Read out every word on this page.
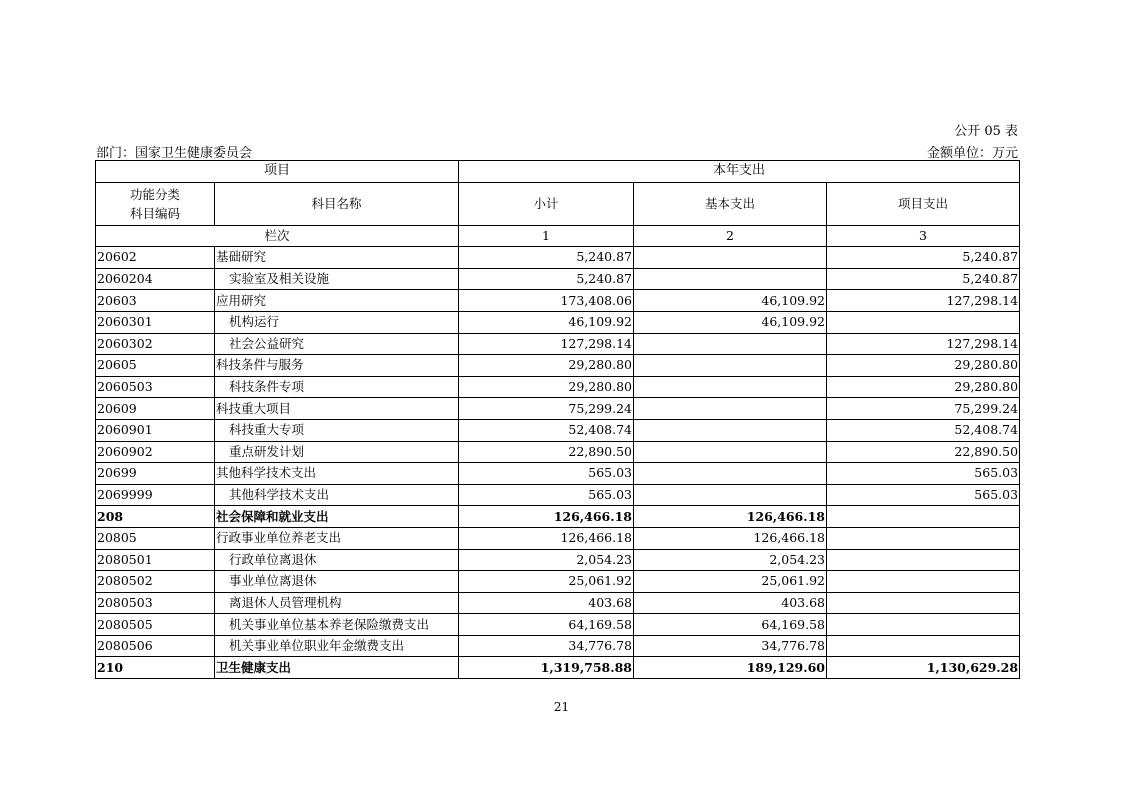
公开 05 表
部门：国家卫生健康委员会	金额单位：万元
项目		本年支出		

功能分类
科目编码	科目名称	小计	基本支出	项目支出
栏次		1	2	3
20602	基础研究	5,240.87		5,240.87
2060204	实验室及相关设施	5,240.87		5,240.87
20603	应用研究	173,408.06	46,109.92	127,298.14
2060301	机构运行	46,109.92	46,109.92	
2060302	社会公益研究	127,298.14		127,298.14
20605	科技条件与服务	29,280.80		29,280.80
2060503	科技条件专项	29,280.80		29,280.80
20609	科技重大项目	75,299.24		75,299.24
2060901	科技重大专项	52,408.74		52,408.74
2060902	重点研发计划	22,890.50		22,890.50
20699	其他科学技术支出	565.03		565.03
2069999	其他科学技术支出	565.03		565.03
208	社会保障和就业支出	126,466.18	126,466.18	
20805	行政事业单位养老支出	126,466.18	126,466.18	
2080501	行政单位离退休	2,054.23	2,054.23	
2080502	事业单位离退休	25,061.92	25,061.92	
2080503	离退休人员管理机构	403.68	403.68	
2080505	机关事业单位基本养老保险缴费支出	64,169.58	64,169.58	
2080506	机关事业单位职业年金缴费支出	34,776.78	34,776.78	
210	卫生健康支出	1,319,758.88	189,129.60	1,130,629.28
21
